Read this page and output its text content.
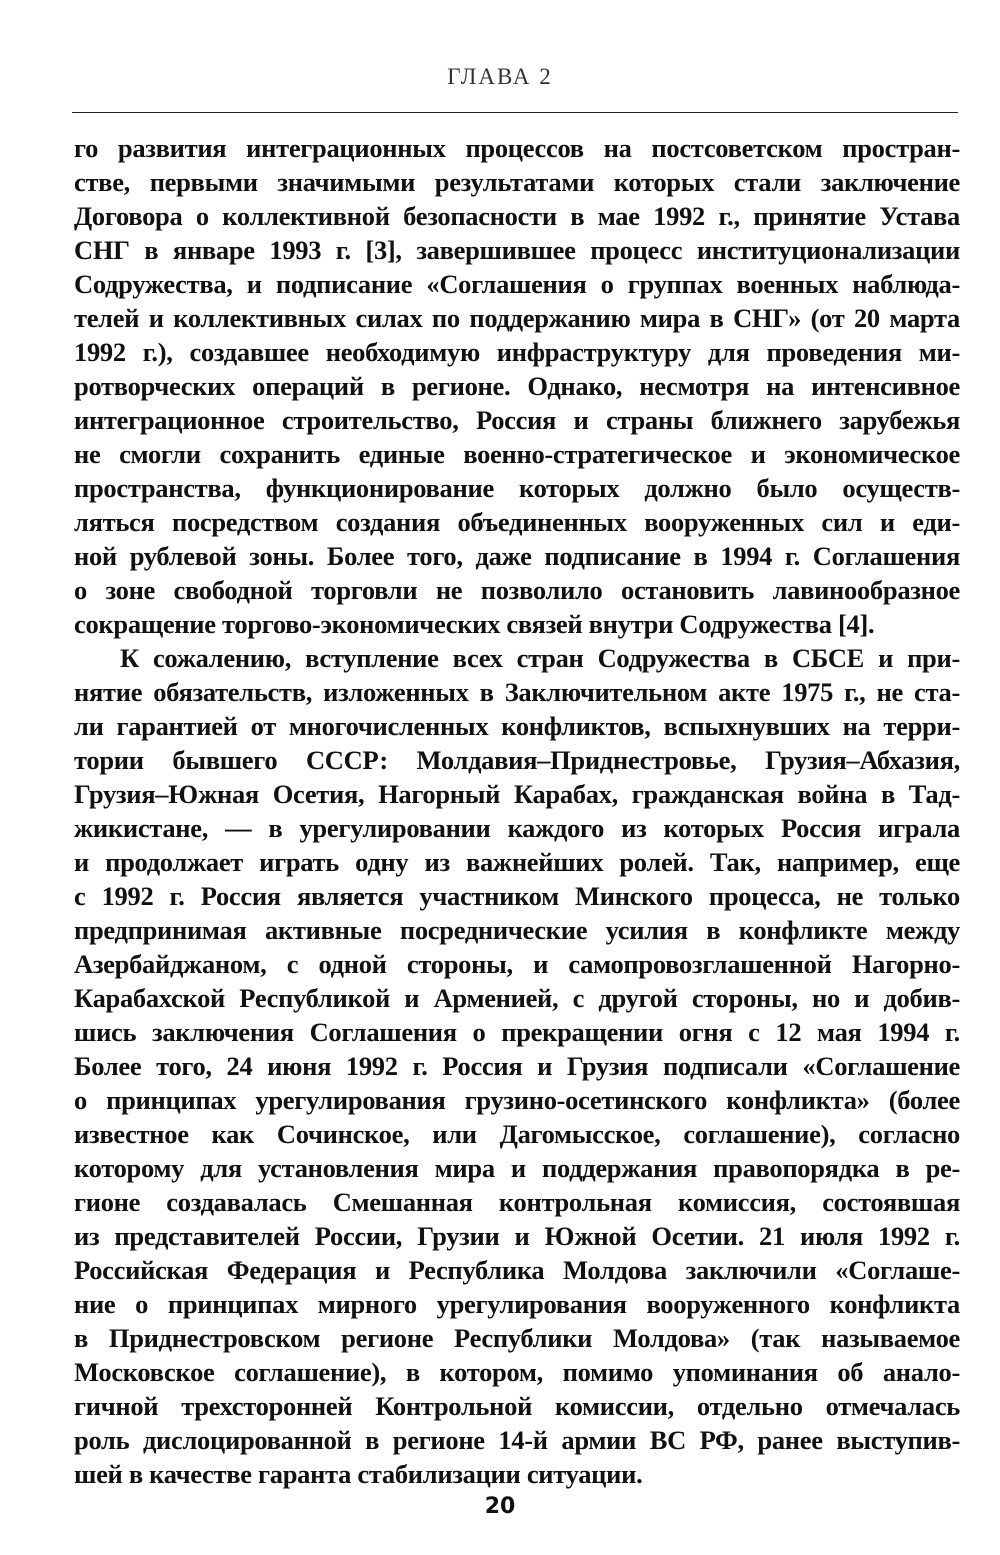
ГЛАВА 2
го развития интеграционных процессов на постсоветском простран-
стве, первыми значимыми результатами которых стали заключение
Договора о коллективной безопасности в мае 1992 г., принятие Устава
СНГ в январе 1993 г. [3], завершившее процесс институционализации
Содружества, и подписание «Соглашения о группах военных наблюда-
телей и коллективных силах по поддержанию мира в СНГ» (от 20 марта
1992 г.), создавшее необходимую инфраструктуру для проведения ми-
ротворческих операций в регионе. Однако, несмотря на интенсивное
интеграционное строительство, Россия и страны ближнего зарубежья
не смогли сохранить единые военно-стратегическое и экономическое
пространства, функционирование которых должно было осуществ-
ляться посредством создания объединенных вооруженных сил и еди-
ной рублевой зоны. Более того, даже подписание в 1994 г. Соглашения
о зоне свободной торговли не позволило остановить лавинообразное
сокращение торгово-экономических связей внутри Содружества [4].
К сожалению, вступление всех стран Содружества в СБСЕ и при-
нятие обязательств, изложенных в Заключительном акте 1975 г., не ста-
ли гарантией от многочисленных конфликтов, вспыхнувших на терри-
тории бывшего СССР: Молдавия–Приднестровье, Грузия–Абхазия,
Грузия–Южная Осетия, Нагорный Карабах, гражданская война в Тад-
жикистане, — в урегулировании каждого из которых Россия играла
и продолжает играть одну из важнейших ролей. Так, например, еще
с 1992 г. Россия является участником Минского процесса, не только
предпринимая активные посреднические усилия в конфликте между
Азербайджаном, с одной стороны, и самопровозглашенной Нагорно-
Карабахской Республикой и Арменией, с другой стороны, но и добив-
шись заключения Соглашения о прекращении огня с 12 мая 1994 г.
Более того, 24 июня 1992 г. Россия и Грузия подписали «Соглашение
о принципах урегулирования грузино-осетинского конфликта» (более
известное как Сочинское, или Дагомысское, соглашение), согласно
которому для установления мира и поддержания правопорядка в ре-
гионе создавалась Смешанная контрольная комиссия, состоявшая
из представителей России, Грузии и Южной Осетии. 21 июля 1992 г.
Российская Федерация и Республика Молдова заключили «Соглаше-
ние о принципах мирного урегулирования вооруженного конфликта
в Приднестровском регионе Республики Молдова» (так называемое
Московское соглашение), в котором, помимо упоминания об анало-
гичной трехсторонней Контрольной комиссии, отдельно отмечалась
роль дислоцированной в регионе 14-й армии ВС РФ, ранее выступив-
шей в качестве гаранта стабилизации ситуации.
20
